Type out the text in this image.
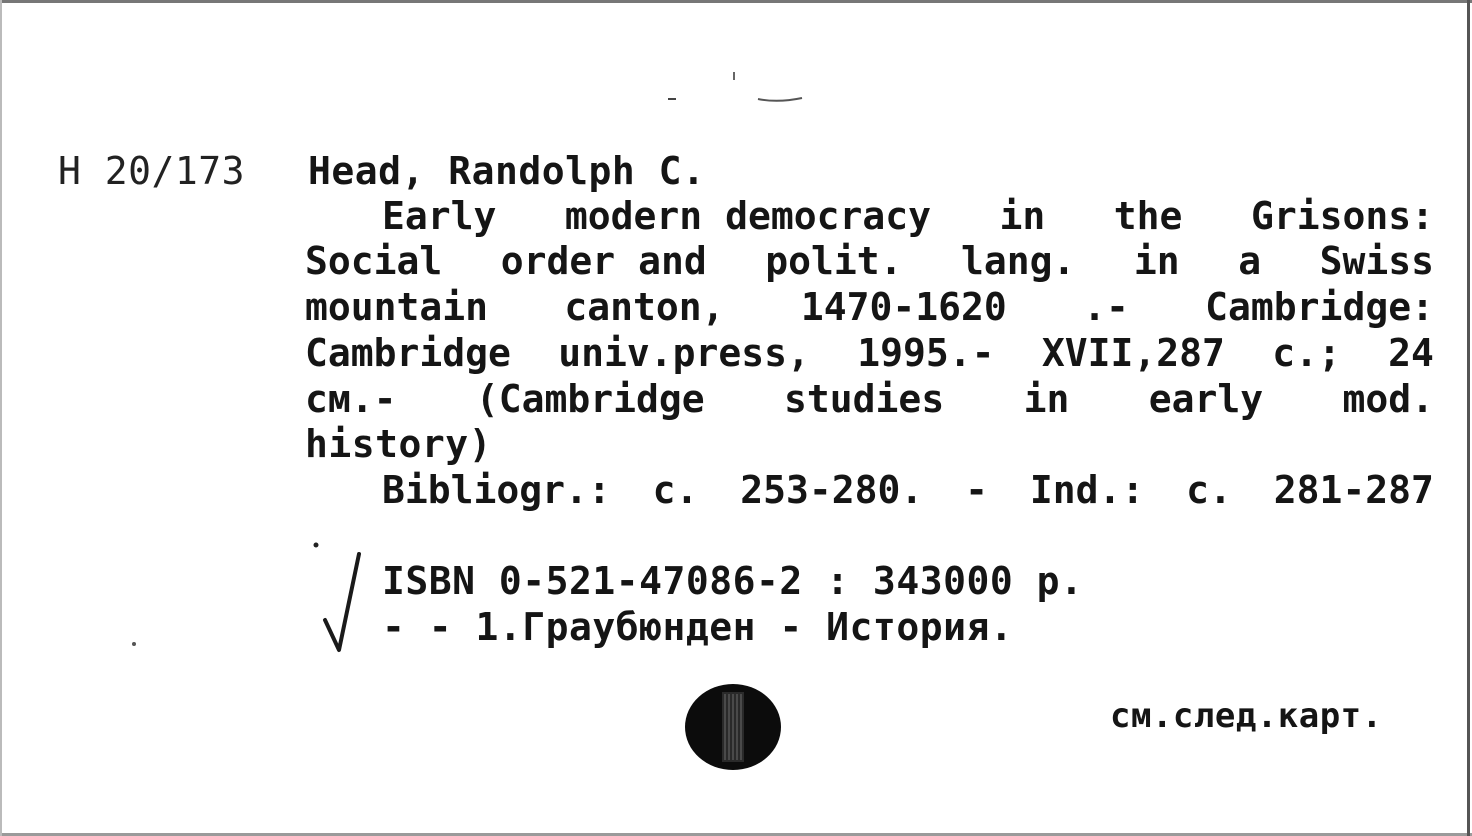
Н 20/173 Head, Randolph C.
Early modern democracy in the Grisons:
Social order and polit. lang. in a Swiss
mountain canton, 1470-1620 .- Cambridge:
Cambridge univ.press, 1995.- XVII,287 с.; 24
см.- (Cambridge studies in early mod.
history)
Bibliogr.: с. 253-280. - Ind.: с. 281-287
ISBN 0-521-47086-2 : 343000 р.
- - 1.Граубюнден - История.
см.след.карт.
